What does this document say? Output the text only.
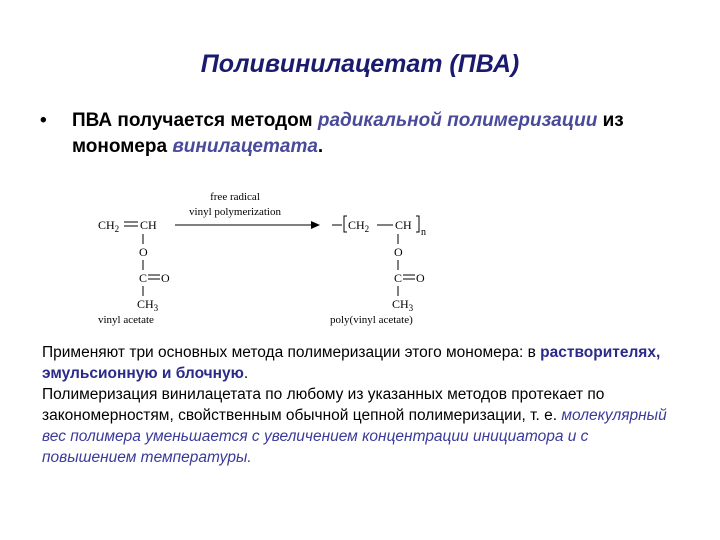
Поливинилацетат (ПВА)
• ПВА получается методом радикальной полимеризации из мономера винилацетата.
$CH_2$ CH
O
C O
$CH_3$
vinyl acetate
free radical
vinyl polymerization
$CH_2$ CH
n
O
C O
$CH_3$
poly(vinyl acetate)

Применяют три основных метода полимеризации этого мономера: в растворителях, эмульсионную и блочную.

Полимеризация винилацетата по любому из указанных методов протекает по закономерностям, свойственным обычной цепной полимеризации, т. е. молекулярный вес полимера уменьшается с увеличением концентрации инициатора и с повышением температуры.
